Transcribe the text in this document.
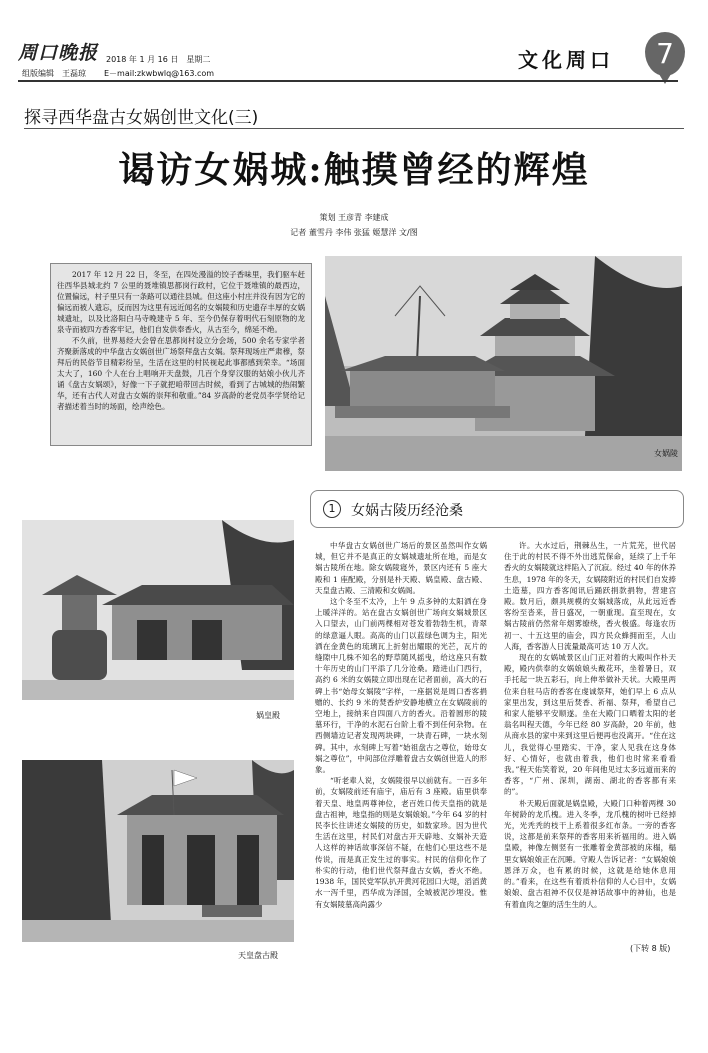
周口晚报 2018 年 1 月 16 日　星期二
组版编辑　王磊琼 E－mail:zkwbwlq@163.com
文化周口	7
探寻西华盘古女娲创世文化(三)
谒访女娲城:触摸曾经的辉煌
策划 王彦青 李建成
记者 董雪丹 李伟 张猛 姬慧洋 文/图

2017 年 12 月 22 日，冬至，在四处漫溢的饺子香味里，我们驱车赶往西华县城北约 7 公里的聂堆镇思都岗行政村，它位于聂堆镇的最西边，位置偏远，村子里只有一条路可以通往县城。但这座小村庄并没有因为它的偏远而被人遗忘，反而因为这里有远近闻名的女娲陵和历史遗存丰厚的女娲城遗址，以及比洛阳白马寺晚建寺 5 年、至今仍保存着明代石刻原物的龙泉寺而被四方香客牢记，他们自发供奉香火，从古至今，绵延不绝。

不久前，世界易经大会曾在思都岗村设立分会场，500 余名专家学者齐聚新落成的中华盘古女娲创世广场祭拜盘古女娲。祭拜现场庄严肃穆，祭拜后的民俗节目精彩纷呈，生活在这里的村民视起此事都感到荣幸。“场面太大了，160 个人在台上唱响开天盘鼓，几百个身穿汉服的姑娘小伙儿齐诵《盘古女娲颂》，好像一下子就把咱带回古时候，看到了古城城的热闹繁华，还有古代人对盘古女娲的崇拜和敬重。”84 岁高龄的老党员李学贤给记者描述着当时的场面，绘声绘色。

女娲陵
娲皇殿
天皇盘古殿
1	女娲古陵历经沧桑

中华盘古女娲创世广场后的景区虽然叫作女娲城，但它并不是真正的女娲城遗址所在地，而是女娲古陵所在地。除女娲陵寝外，景区内还有 5 座大殿和 1 座配殿，分别是朴天殿、娲皇殿、盘古殿、天皇盘古殿、三清殿和女娲阁。

这个冬至不太冷，上午 9 点多钟的太阳洒在身上暖洋洋的。站在盘古女娲创世广场向女娲城景区入口望去，山门前两棵相对苍发着勃勃生机，青翠的绿意逼人眼。高高的山门以蓝绿色调为主，阳光洒在金黄色的琉璃瓦上折射出耀眼的光芒，瓦片的缝隙中几株不知名的野草随风摇曳，给这座只有数十年历史的山门平添了几分沧桑。踏进山门西行，高约 6 米的女娲陵立即出现在记者面前，高大的石碑上书“始母女娲陵”字样，一座据说是周口香客捐赠的、长约 9 米的焚香炉安静地横立在女娲陵前的空地上，接纳来自四面八方的香火。沿着圆形的陵墓环行，干净的水泥石台阶上看不到任何杂物。在西侧墙边记者发现两块碑，一块青石碑，一块水刻碑。其中，水刻碑上写着“始祖盘古之尊位，始母女娲之尊位”，中间部位浮雕着盘古女娲创世造人的形象。

“听老辈人说，女娲陵很早以前就有。一百多年前，女娲陵前还有庙宇，庙后有 3 座殿。庙里供奉着天皇、地皇两尊神位，老百姓口传天皇指的就是盘古祖神，地皇指的则是女娲娘娘。”今年 64 岁的村民李长往讲述女娲陵的历史，如数家珍。因为世代生活在这里，村民们对盘古开天辟地、女娲补天造人这样的神话故事深信不疑，在他们心里这些不是传说，而是真正发生过的事实。村民的信仰化作了朴实的行动，他们世代祭拜盘古女娲，香火不绝。1938 年，国民党军队扒开黄河花园口大堤，滔滔黄水一泻千里，西华成为泽国，全城被泥沙埋没。惟有女娲陵墓高尚露少

许。大水过后，荆棘丛生，一片荒芜，世代居住于此的村民不得不外出逃荒保命，延续了上千年香火的女娲陵就这样陷入了沉寂。经过 40 年的休养生息，1978 年的冬天，女娲陵附近的村民们自发捧土造墓，四方香客闻讯后踊跃捐款捐物，营建宫殿。数月后，颇具规模的女娲城落成，从此远近香客纷至沓来，昔日盛况，一朝重现。直至现在，女娲古陵前仍然常年烟雾缭绕，香火极盛。每逢农历初一、十五这里的庙会，四方民众蜂拥而至，人山人海，香客游人日流量最高可达 10 万人次。

现在的女娲城景区山门正对着的大殿叫作朴天殿，殿内供奉的女娲娘娘头戴花环，坐着暑日，双手托起一块五彩石，向上伸举做补天状。大殿里两位来自驻马店的香客在虔诚祭拜，她们早上 6 点从家里出发，到这里后焚香、祈福、祭拜，希望自己和家人能够平安顺遂。坐在大殿门口晒着太阳的老翁名叫程天德，今年已经 80 岁高龄，20 年前，他从商水县的家中来到这里后便再也没离开。“住在这儿，我觉得心里踏实、干净，家人见我在这身体好、心情好，也就由着我，他们也时常来看看我。”程天佑笑着说，20 年间他见过太多远道而来的香客，“广州、深圳，湖南、湖北的香客都有来的”。

朴天殿后面就是娲皇殿，大殿门口种着两棵 30 年树龄的龙爪槐。进入冬季，龙爪槐的树叶已经掉光，光秃秃的枝干上系着很多红布条。一旁的香客说，这都是前来祭拜的香客用来祈福用的。进入娲皇殿，神像左侧竖有一张雕着金黄部被的床榻，榻里女娲娘娘正在沉睡。守殿人告诉记者：“女娲娘娘恩泽万众，也有累的时候，这就是给她休息用的。”看来，在这些有着质朴信仰的人心目中，女娲娘娘、盘古祖神不仅仅是神话故事中的神仙，也是有着血肉之躯的活生生的人。

(下转 8 版)
